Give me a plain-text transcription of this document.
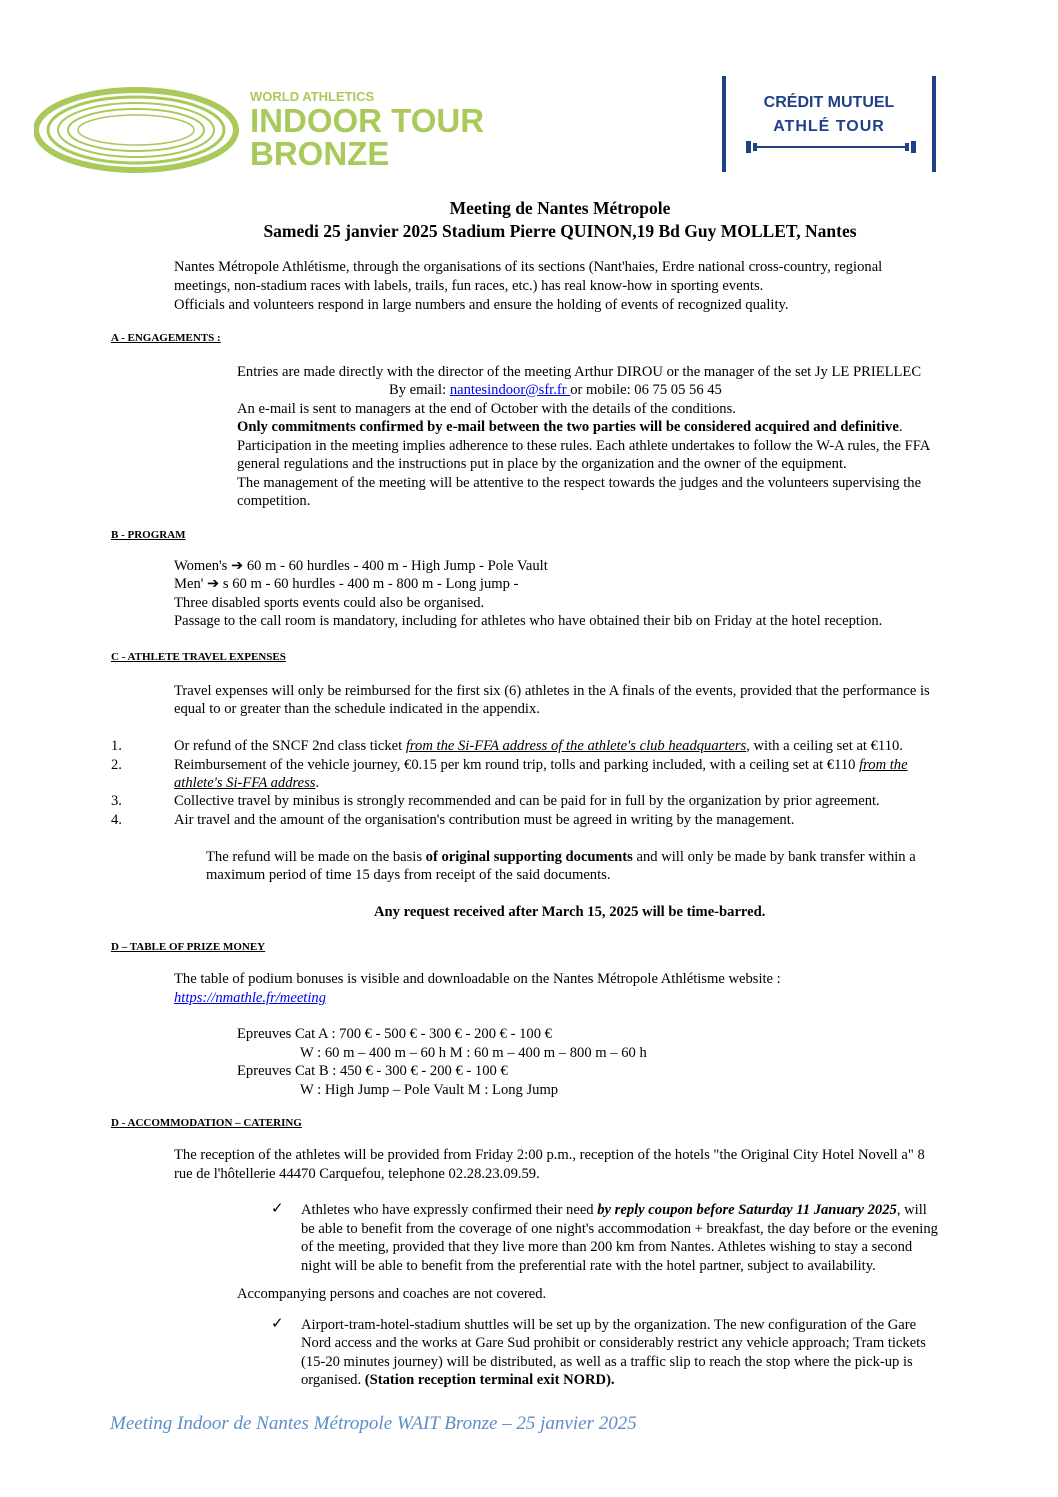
WORLD ATHLETICS
INDOOR TOUR
BRONZE
CRÉDIT MUTUEL
ATHLÉ TOUR
Meeting de Nantes Métropole
Samedi 25 janvier 2025 Stadium Pierre QUINON,19 Bd Guy MOLLET, Nantes
Nantes Métropole Athlétisme, through the organisations of its sections (Nant'haies, Erdre national cross-country, regional
meetings, non-stadium races with labels, trails, fun races, etc.) has real know-how in sporting events.
Officials and volunteers respond in large numbers and ensure the holding of events of recognized quality.
A - ENGAGEMENTS :
Entries are made directly with the director of the meeting Arthur DIROU or the manager of the set Jy LE PRIELLEC
By email: nantesindoor@sfr.fr or mobile: 06 75 05 56 45
An e-mail is sent to managers at the end of October with the details of the conditions.
Only commitments confirmed by e-mail between the two parties will be considered acquired and definitive.
Participation in the meeting implies adherence to these rules. Each athlete undertakes to follow the W-A rules, the FFA
general regulations and the instructions put in place by the organization and the owner of the equipment.
The management of the meeting will be attentive to the respect towards the judges and the volunteers supervising the
competition.
B - PROGRAM
Women's ➔ 60 m - 60 hurdles - 400 m - High Jump - Pole Vault
Men' ➔ s 60 m - 60 hurdles - 400 m - 800 m - Long jump -
Three disabled sports events could also be organised.
Passage to the call room is mandatory, including for athletes who have obtained their bib on Friday at the hotel reception.
C - ATHLETE TRAVEL EXPENSES
Travel expenses will only be reimbursed for the first six (6) athletes in the A finals of the events, provided that the performance is
equal to or greater than the schedule indicated in the appendix.
1.	Or refund of the SNCF 2nd class ticket from the Si-FFA address of the athlete's club headquarters, with a ceiling set at €110.
2.	Reimbursement of the vehicle journey, €0.15 per km round trip, tolls and parking included, with a ceiling set at €110 from the
athlete's Si-FFA address.
3.	Collective travel by minibus is strongly recommended and can be paid for in full by the organization by prior agreement.
4.	Air travel and the amount of the organisation's contribution must be agreed in writing by the management.
The refund will be made on the basis of original supporting documents and will only be made by bank transfer within a
maximum period of time 15 days from receipt of the said documents.
Any request received after March 15, 2025 will be time-barred.
D – TABLE OF PRIZE MONEY
The table of podium bonuses is visible and downloadable on the Nantes Métropole Athlétisme website :
https://nmathle.fr/meeting
Epreuves Cat A : 700 € - 500 € - 300 € - 200 € - 100 €
W : 60 m – 400 m – 60 h M : 60 m – 400 m – 800 m – 60 h
Epreuves Cat B : 450 € - 300 € - 200 € - 100 €
W : High Jump – Pole Vault M : Long Jump
D - ACCOMMODATION – CATERING
The reception of the athletes will be provided from Friday 2:00 p.m., reception of the hotels "the Original City Hotel Novell a" 8
rue de l'hôtellerie 44470 Carquefou, telephone 02.28.23.09.59.
✓ Athletes who have expressly confirmed their need by reply coupon before Saturday 11 January 2025, will
be able to benefit from the coverage of one night's accommodation + breakfast, the day before or the evening
of the meeting, provided that they live more than 200 km from Nantes. Athletes wishing to stay a second
night will be able to benefit from the preferential rate with the hotel partner, subject to availability.
Accompanying persons and coaches are not covered.
✓ Airport-tram-hotel-stadium shuttles will be set up by the organization. The new configuration of the Gare
Nord access and the works at Gare Sud prohibit or considerably restrict any vehicle approach; Tram tickets
(15-20 minutes journey) will be distributed, as well as a traffic slip to reach the stop where the pick-up is
organised. (Station reception terminal exit NORD).
Meeting Indoor de Nantes Métropole WAIT Bronze – 25 janvier 2025
